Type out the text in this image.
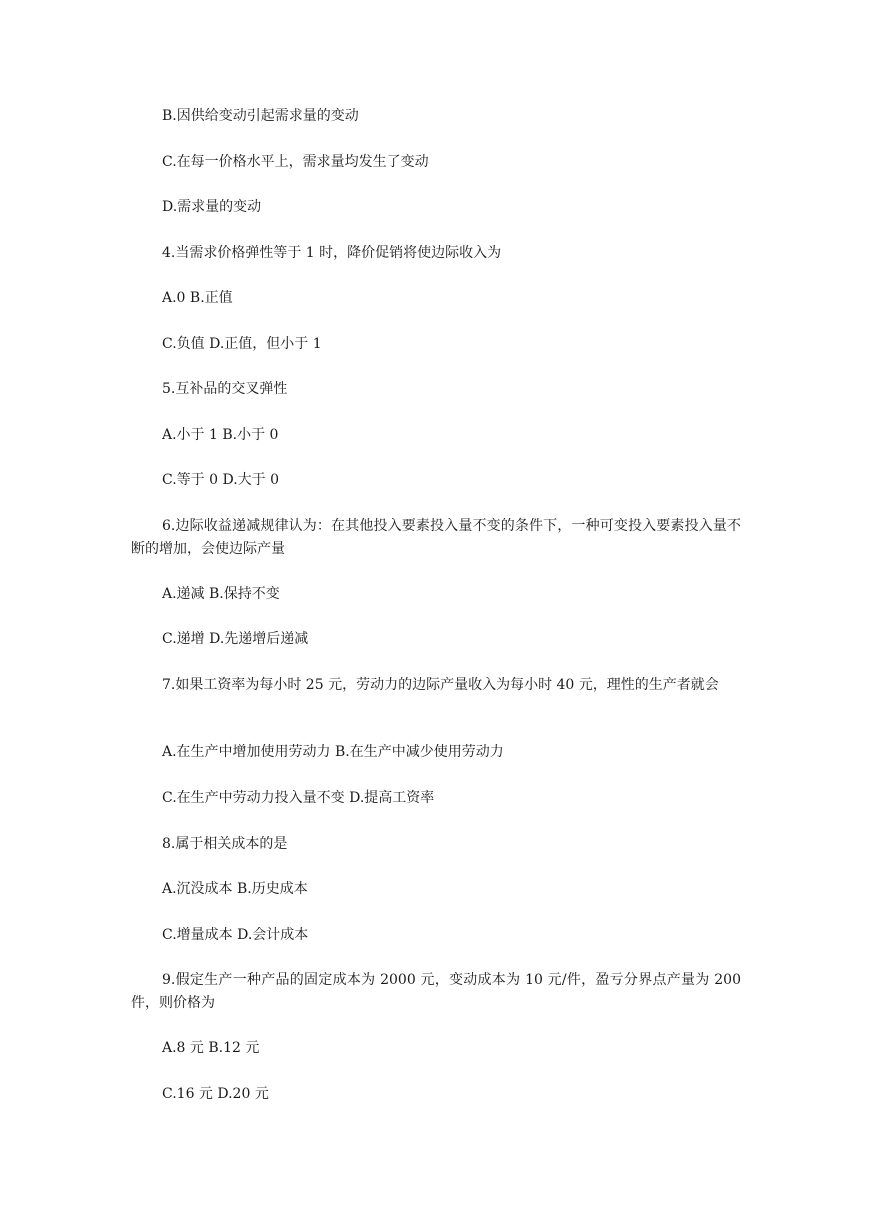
B.因供给变动引起需求量的变动
C.在每一价格水平上，需求量均发生了变动
D.需求量的变动
4.当需求价格弹性等于 1 时，降价促销将使边际收入为
A.0 B.正值
C.负值 D.正值，但小于 1
5.互补品的交叉弹性
A.小于 1 B.小于 0
C.等于 0 D.大于 0
6.边际收益递减规律认为：在其他投入要素投入量不变的条件下，一种可变投入要素投入量不断的增加，会使边际产量
A.递减 B.保持不变
C.递增 D.先递增后递减
7.如果工资率为每小时 25 元，劳动力的边际产量收入为每小时 40 元，理性的生产者就会
A.在生产中增加使用劳动力 B.在生产中减少使用劳动力
C.在生产中劳动力投入量不变 D.提高工资率
8.属于相关成本的是
A.沉没成本 B.历史成本
C.增量成本 D.会计成本
9.假定生产一种产品的固定成本为 2000 元，变动成本为 10 元/件，盈亏分界点产量为 200 件，则价格为
A.8 元 B.12 元
C.16 元 D.20 元
